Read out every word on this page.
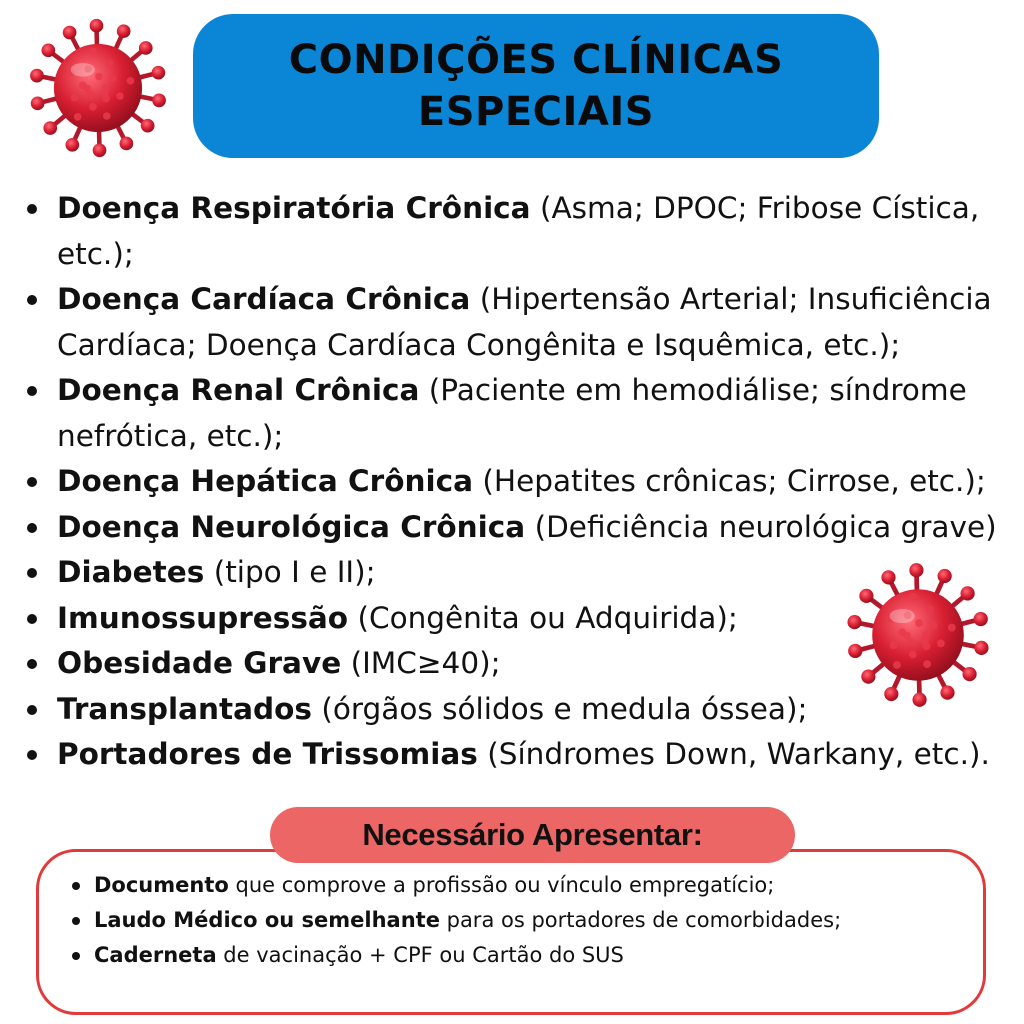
CONDIÇÕES CLÍNICAS
ESPECIAIS
Doença Respiratória Crônica (Asma; DPOC; Fribose Cística, etc.);
Doença Cardíaca Crônica (Hipertensão Arterial; Insuficiência Cardíaca; Doença Cardíaca Congênita e Isquêmica, etc.);
Doença Renal Crônica (Paciente em hemodiálise; síndrome nefrótica, etc.);
Doença Hepática Crônica (Hepatites crônicas; Cirrose, etc.);
Doença Neurológica Crônica (Deficiência neurológica grave)
Diabetes (tipo I e II);
Imunossupressão (Congênita ou Adquirida);
Obesidade Grave (IMC≥40);
Transplantados (órgãos sólidos e medula óssea);
Portadores de Trissomias (Síndromes Down, Warkany, etc.).
Necessário Apresentar:
Documento que comprove a profissão ou vínculo empregatício;
Laudo Médico ou semelhante para os portadores de comorbidades;
Caderneta de vacinação + CPF ou Cartão do SUS
